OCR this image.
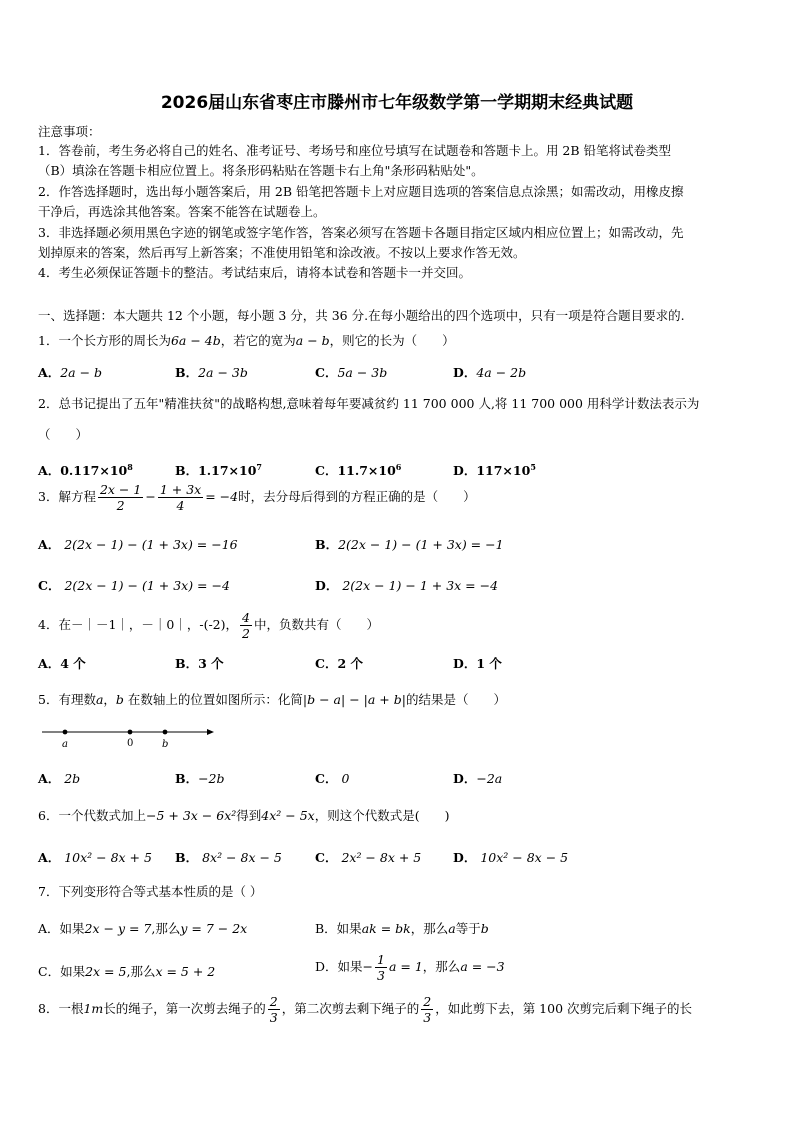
2026届山东省枣庄市滕州市七年级数学第一学期期末经典试题
注意事项：
1．答卷前，考生务必将自己的姓名、准考证号、考场号和座位号填写在试题卷和答题卡上。用 2B 铅笔将试卷类型
（B）填涂在答题卡相应位置上。将条形码粘贴在答题卡右上角"条形码粘贴处"。
2．作答选择题时，选出每小题答案后，用 2B 铅笔把答题卡上对应题目选项的答案信息点涂黑；如需改动，用橡皮擦
干净后，再选涂其他答案。答案不能答在试题卷上。
3．非选择题必须用黑色字迹的钢笔或签字笔作答，答案必须写在答题卡各题目指定区域内相应位置上；如需改动，先
划掉原来的答案，然后再写上新答案；不准使用铅笔和涂改液。不按以上要求作答无效。
4．考生必须保证答题卡的整洁。考试结束后，请将本试卷和答题卡一并交回。
一、选择题：本大题共 12 个小题，每小题 3 分，共 36 分.在每小题给出的四个选项中，只有一项是符合题目要求的.
1．一个长方形的周长为6a − 4b，若它的宽为a − b，则它的长为（　　）
A．2a − b	B．2a − 3b	C．5a − 3b	D．4a − 2b
2．总书记提出了五年"精准扶贫"的战略构想,意味着每年要减贫约 11 700 000 人,将 11 700 000 用科学计数法表示为
（　　）
A．$0.117\times 10^8$	B．$1.17\times 10^7$	C．$11.7\times 10^6$	D．$117\times 10^5$
3．解方程 $\frac{2x - 1}{2} - \frac{1 + 3x}{4} = -4$时，去分母后得到的方程正确的是（　　）
A． 2(2x − 1) − (1 + 3x) = −16	B．2(2x − 1) − (1 + 3x) = −1
C． 2(2x − 1) − (1 + 3x) = −4	D． 2(2x − 1) − 1 + 3x = −4
4．在－｜－1｜，－｜0｜，-(-2)， $\frac{4}{2}$ 中，负数共有（　　）
A．4 个	B．3 个	C．2 个	D．1 个
5．有理数a，b 在数轴上的位置如图所示：化简|b − a| − |a + b|的结果是（　　）
a	0	b
A． 2b	B．−2b	C． 0	D．−2a
6．一个代数式加上−5 + 3x − 6x²得到4x² − 5x，则这个代数式是(　　)
A． 10x² − 8x + 5 B． 8x² − 8x − 5	C． 2x² − 8x + 5	D． 10x² − 8x − 5
7．下列变形符合等式基本性质的是（ ）
A．如果2x − y = 7,那么y = 7 − 2x	B．如果ak = bk，那么a等于b
C．如果2x = 5,那么x = 5 + 2	D．如果− $\frac{1}{3}$ a = 1，那么a = −3
8．一根1m长的绳子，第一次剪去绳子的 $\frac{2}{3}$ ，第二次剪去剩下绳子的 $\frac{2}{3}$ ，如此剪下去，第 100 次剪完后剩下绳子的长
